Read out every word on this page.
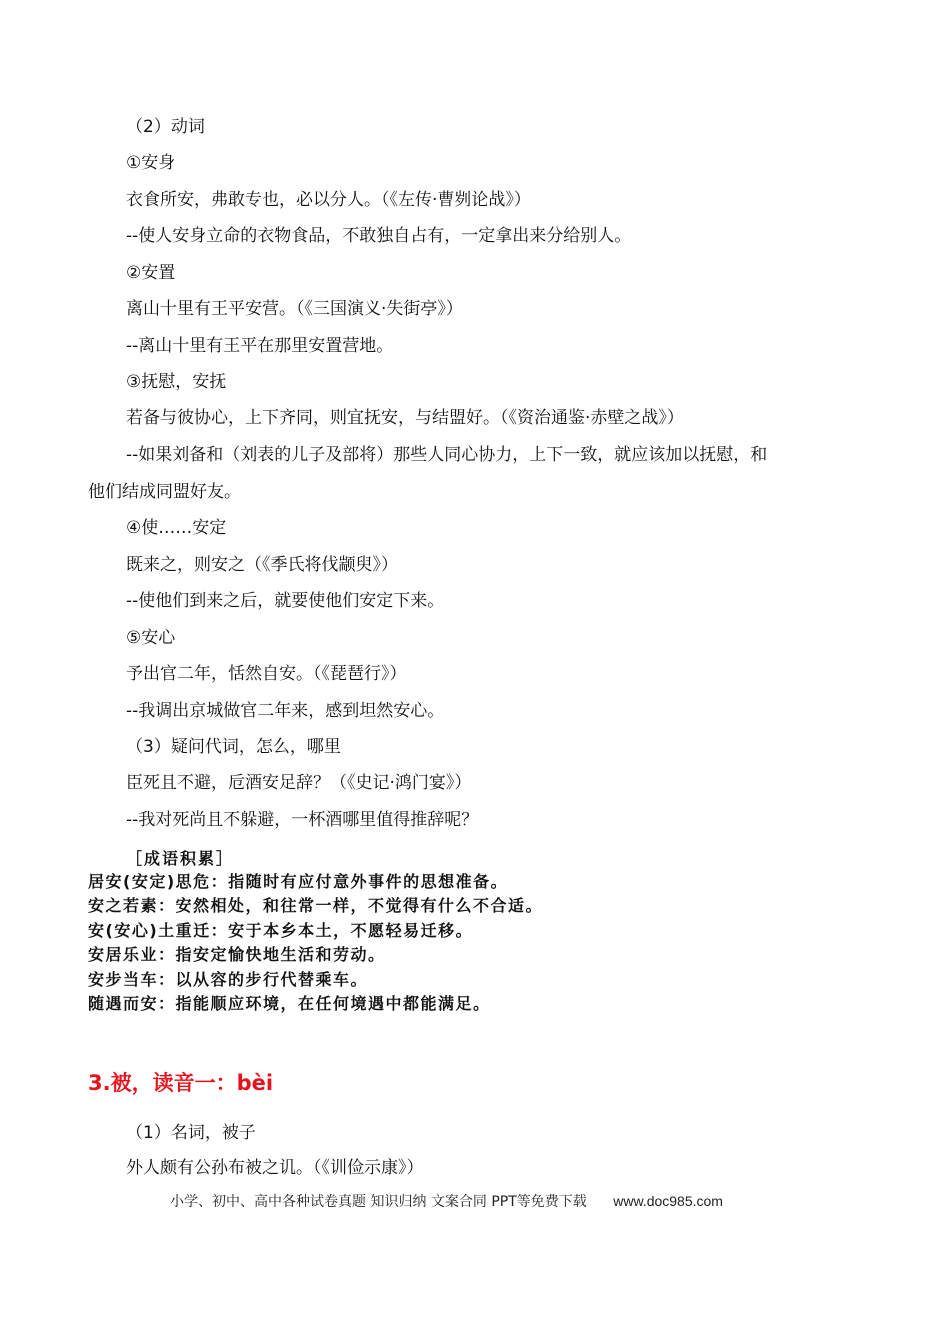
（2）动词
①安身
衣食所安，弗敢专也，必以分人。（《左传·曹刿论战》）
--使人安身立命的衣物食品，不敢独自占有，一定拿出来分给别人。
②安置
离山十里有王平安营。（《三国演义·失街亭》）
--离山十里有王平在那里安置营地。
③抚慰，安抚
若备与彼协心，上下齐同，则宜抚安，与结盟好。（《资治通鉴·赤壁之战》）
--如果刘备和（刘表的儿子及部将）那些人同心协力，上下一致，就应该加以抚慰，和
他们结成同盟好友。
④使……安定
既来之，则安之（《季氏将伐颛臾》）
--使他们到来之后，就要使他们安定下来。
⑤安心
予出官二年，恬然自安。（《琵琶行》）
--我调出京城做官二年来，感到坦然安心。
（3）疑问代词，怎么，哪里
臣死且不避，卮酒安足辞？（《史记·鸿门宴》）
--我对死尚且不躲避，一杯酒哪里值得推辞呢？
［成语积累］
居安(安定)思危：指随时有应付意外事件的思想准备。
安之若素：安然相处，和往常一样，不觉得有什么不合适。
安(安心)土重迁：安于本乡本土，不愿轻易迁移。
安居乐业：指安定愉快地生活和劳动。
安步当车：以从容的步行代替乘车。
随遇而安：指能顺应环境，在任何境遇中都能满足。
3.被，读音一：bèi
（1）名词，被子
外人颇有公孙布被之讥。（《训俭示康》）
小学、初中、高中各种试卷真题 知识归纳 文案合同 PPT等免费下载 www.doc985.com
